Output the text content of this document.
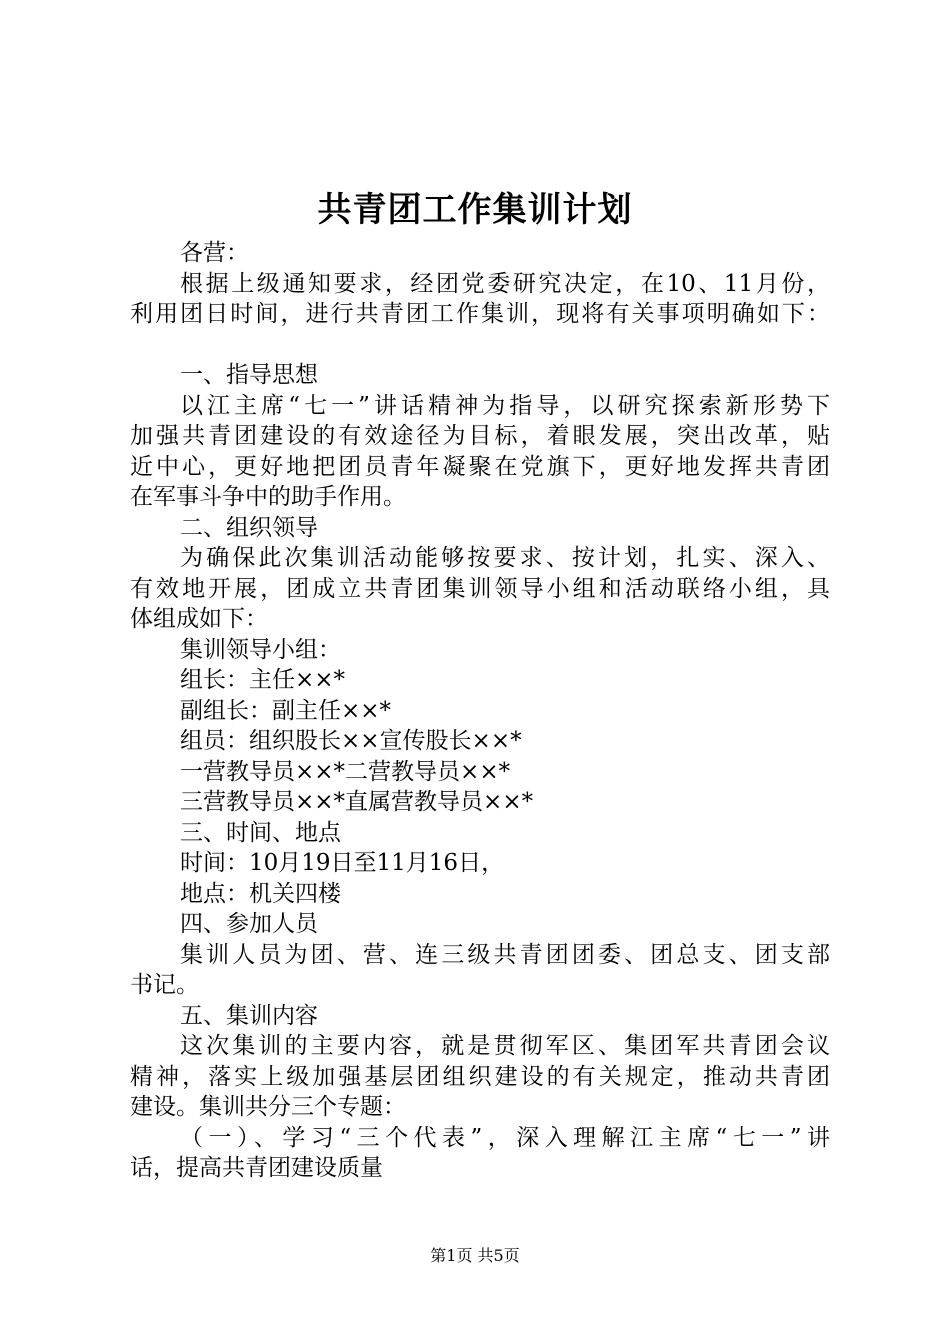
共青团工作集训计划
各营：
根据上级通知要求，经团党委研究决定，在10、11月份，
利用团日时间，进行共青团工作集训，现将有关事项明确如下：
一、指导思想
以江主席“七一”讲话精神为指导，以研究探索新形势下
加强共青团建设的有效途径为目标，着眼发展，突出改革，贴
近中心，更好地把团员青年凝聚在党旗下，更好地发挥共青团
在军事斗争中的助手作用。
二、组织领导
为确保此次集训活动能够按要求、按计划，扎实、深入、
有效地开展，团成立共青团集训领导小组和活动联络小组，具
体组成如下：
集训领导小组：
组长：主任××*
副组长：副主任××*
组员：组织股长××宣传股长××*
一营教导员××*二营教导员××*
三营教导员××*直属营教导员××*
三、时间、地点
时间：10月19日至11月16日，
地点：机关四楼
四、参加人员
集训人员为团、营、连三级共青团团委、团总支、团支部
书记。
五、集训内容
这次集训的主要内容，就是贯彻军区、集团军共青团会议
精神，落实上级加强基层团组织建设的有关规定，推动共青团
建设。集训共分三个专题：
（一）、学习“三个代表”，深入理解江主席“七一”讲
话，提高共青团建设质量
第1页 共5页
